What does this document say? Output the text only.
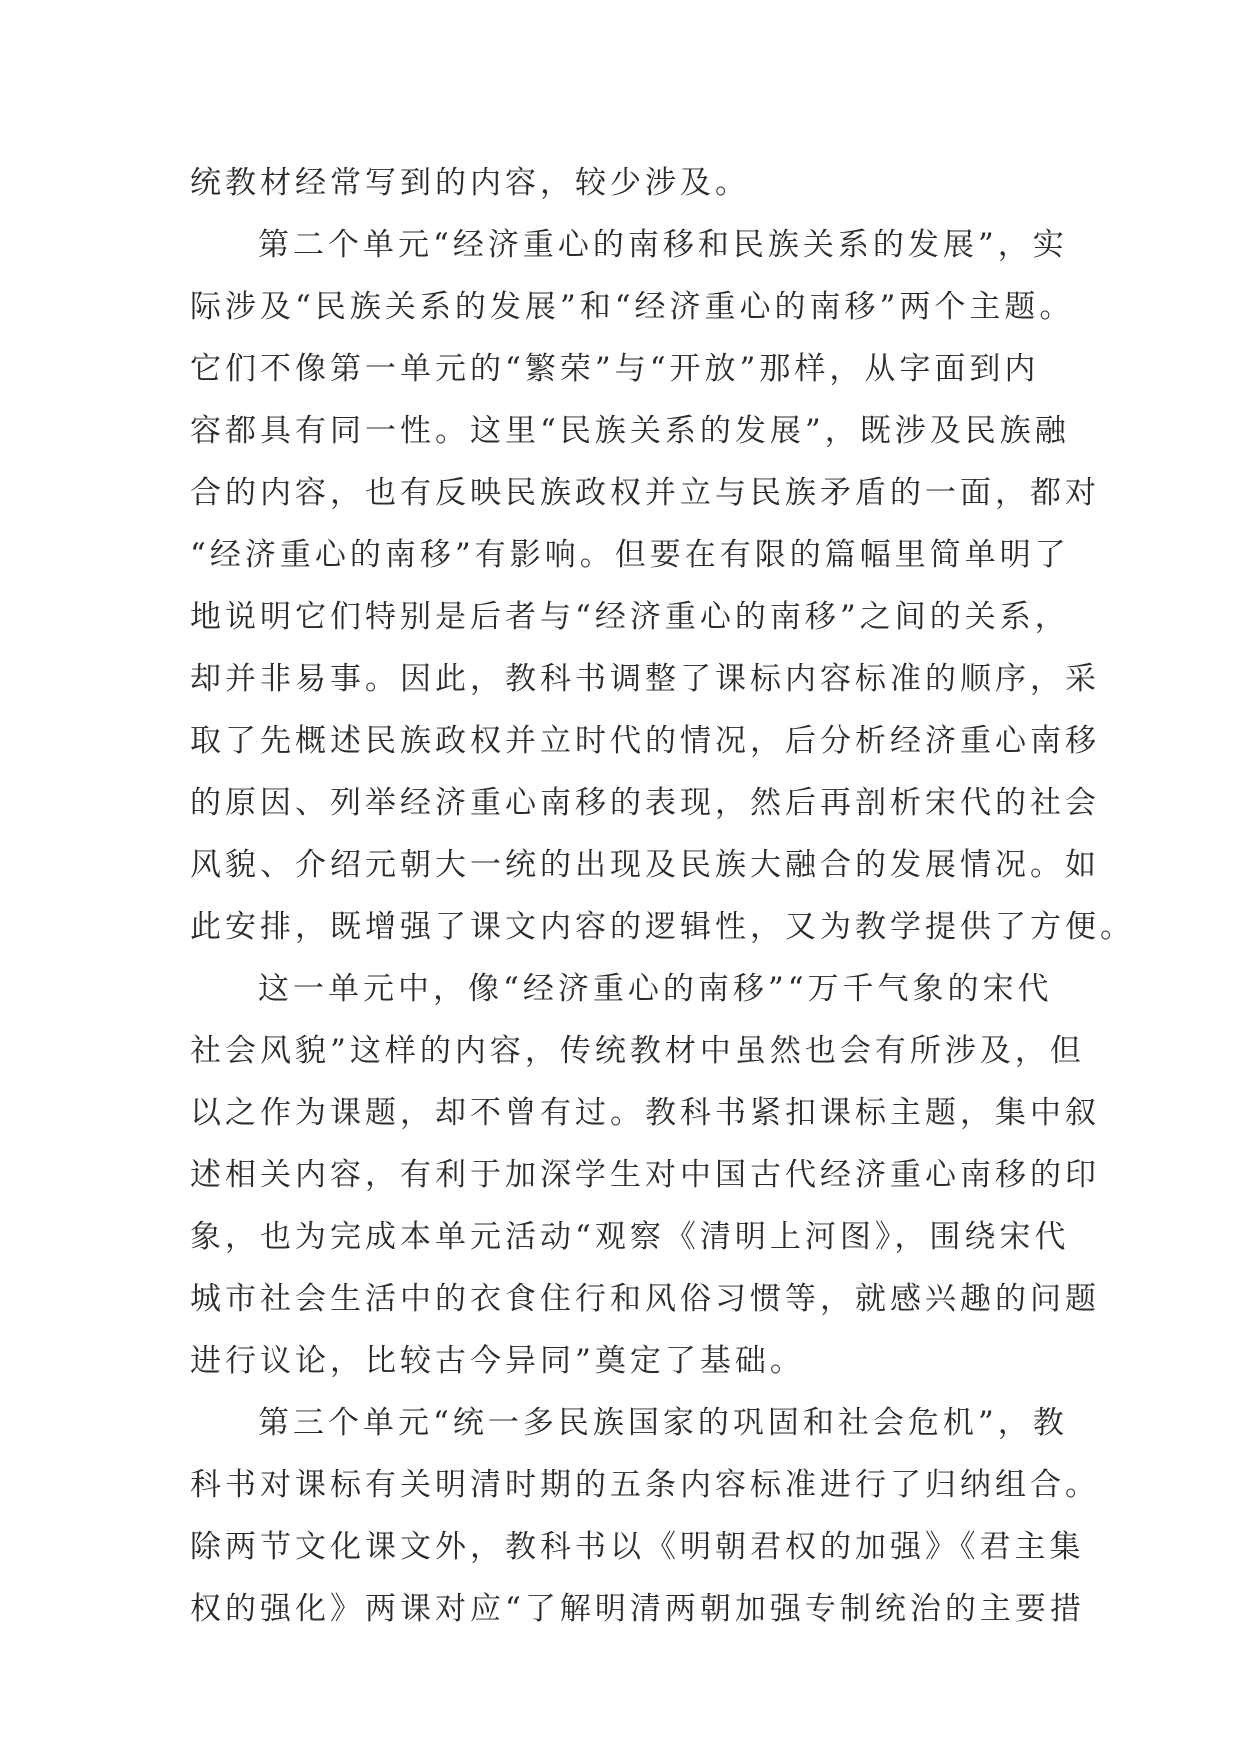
统教材经常写到的内容，较少涉及。
第二个单元“经济重心的南移和民族关系的发展”，实
际涉及“民族关系的发展”和“经济重心的南移”两个主题。
它们不像第一单元的“繁荣”与“开放”那样，从字面到内
容都具有同一性。这里“民族关系的发展”，既涉及民族融
合的内容，也有反映民族政权并立与民族矛盾的一面，都对
“经济重心的南移”有影响。但要在有限的篇幅里简单明了
地说明它们特别是后者与“经济重心的南移”之间的关系，
却并非易事。因此，教科书调整了课标内容标准的顺序，采
取了先概述民族政权并立时代的情况，后分析经济重心南移
的原因、列举经济重心南移的表现，然后再剖析宋代的社会
风貌、介绍元朝大一统的出现及民族大融合的发展情况。如
此安排，既增强了课文内容的逻辑性，又为教学提供了方便。
这一单元中，像“经济重心的南移”“万千气象的宋代
社会风貌”这样的内容，传统教材中虽然也会有所涉及，但
以之作为课题，却不曾有过。教科书紧扣课标主题，集中叙
述相关内容，有利于加深学生对中国古代经济重心南移的印
象，也为完成本单元活动“观察《清明上河图》，围绕宋代
城市社会生活中的衣食住行和风俗习惯等，就感兴趣的问题
进行议论，比较古今异同”奠定了基础。
第三个单元“统一多民族国家的巩固和社会危机”，教
科书对课标有关明清时期的五条内容标准进行了归纳组合。
除两节文化课文外，教科书以《明朝君权的加强》《君主集
权的强化》两课对应“了解明清两朝加强专制统治的主要措
